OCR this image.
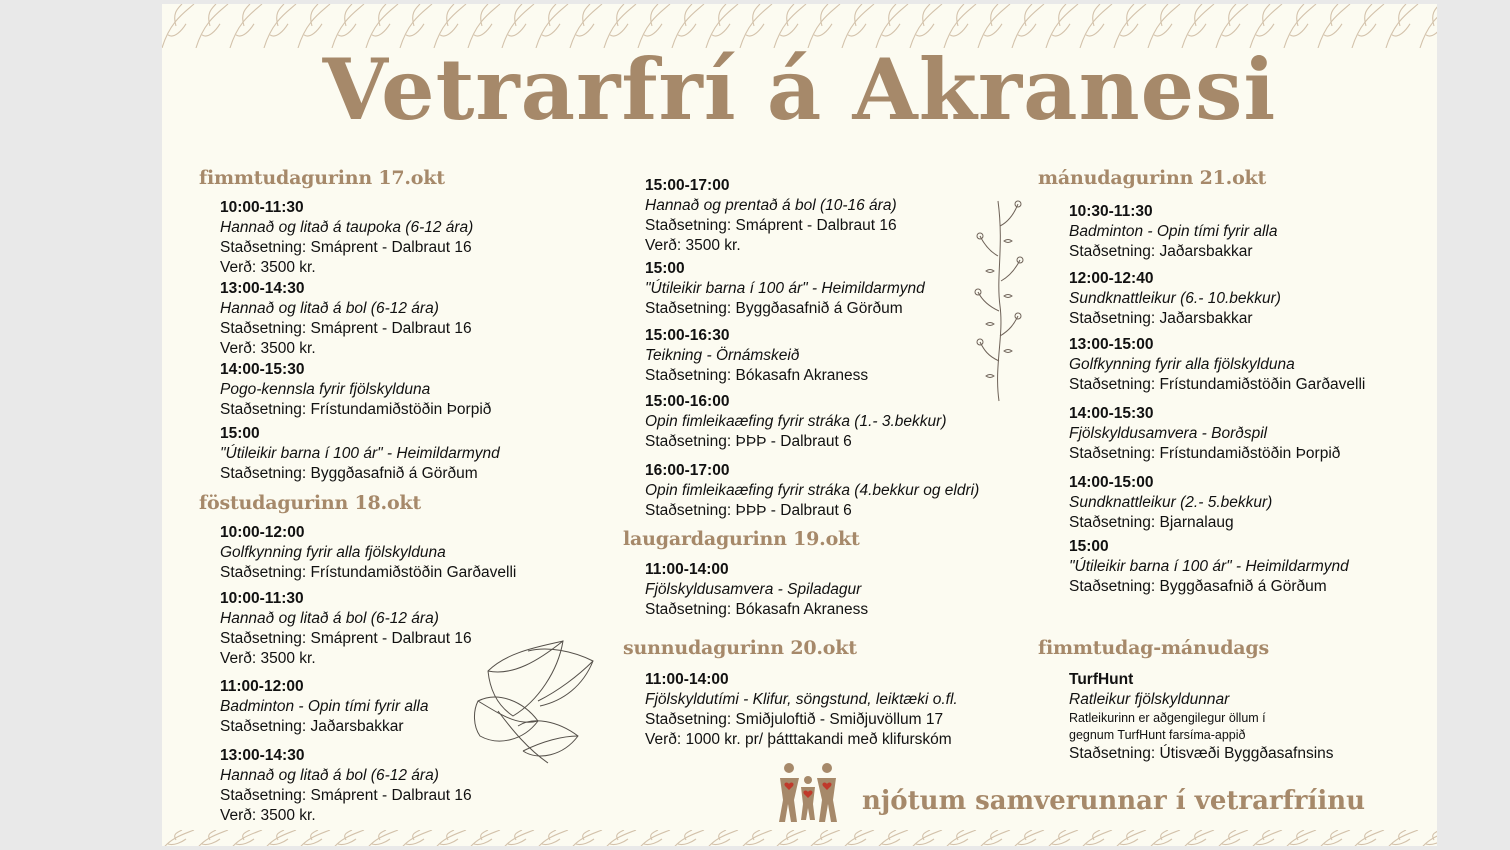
Vetrarfrí á Akranesi
fimmtudagurinn 17.okt
föstudagurinn 18.okt
laugardagurinn 19.okt
sunnudagurinn 20.okt
mánudagurinn 21.okt
fimmtudag-mánudags
10:00-11:30
Hannað og litað á taupoka (6-12 ára)
Staðsetning: Smáprent - Dalbraut 16
Verð: 3500 kr.
13:00-14:30
Hannað og litað á bol (6-12 ára)
Staðsetning: Smáprent - Dalbraut 16
Verð: 3500 kr.
14:00-15:30
Pogo-kennsla fyrir fjölskylduna
Staðsetning: Frístundamiðstöðin Þorpið
15:00
"Útileikir barna í 100 ár" - Heimildarmynd
Staðsetning: Byggðasafnið á Görðum
10:00-12:00
Golfkynning fyrir alla fjölskylduna
Staðsetning: Frístundamiðstöðin Garðavelli
10:00-11:30
Hannað og litað á bol (6-12 ára)
Staðsetning: Smáprent - Dalbraut 16
Verð: 3500 kr.
11:00-12:00
Badminton - Opin tími fyrir alla
Staðsetning: Jaðarsbakkar
13:00-14:30
Hannað og litað á bol (6-12 ára)
Staðsetning: Smáprent - Dalbraut 16
Verð: 3500 kr.
15:00-17:00
Hannað og prentað á bol (10-16 ára)
Staðsetning: Smáprent - Dalbraut 16
Verð: 3500 kr.
15:00
"Útileikir barna í 100 ár" - Heimildarmynd
Staðsetning: Byggðasafnið á Görðum
15:00-16:30
Teikning - Örnámskeið
Staðsetning: Bókasafn Akraness
15:00-16:00
Opin fimleikaæfing fyrir stráka (1.- 3.bekkur)
Staðsetning: ÞÞÞ - Dalbraut 6
16:00-17:00
Opin fimleikaæfing fyrir stráka (4.bekkur og eldri)
Staðsetning: ÞÞÞ - Dalbraut 6
11:00-14:00
Fjölskyldusamvera - Spiladagur
Staðsetning: Bókasafn Akraness
11:00-14:00
Fjölskyldutími - Klifur, söngstund, leiktæki o.fl.
Staðsetning: Smiðjuloftið - Smiðjuvöllum 17
Verð: 1000 kr. pr/ þátttakandi með klifurskóm
10:30-11:30
Badminton - Opin tími fyrir alla
Staðsetning: Jaðarsbakkar
12:00-12:40
Sundknattleikur (6.- 10.bekkur)
Staðsetning: Jaðarsbakkar
13:00-15:00
Golfkynning fyrir alla fjölskylduna
Staðsetning: Frístundamiðstöðin Garðavelli
14:00-15:30
Fjölskyldusamvera - Borðspil
Staðsetning: Frístundamiðstöðin Þorpið
14:00-15:00
Sundknattleikur (2.- 5.bekkur)
Staðsetning: Bjarnalaug
15:00
"Útileikir barna í 100 ár" - Heimildarmynd
Staðsetning: Byggðasafnið á Görðum
TurfHunt
Ratleikur fjölskyldunnar
Ratleikurinn er aðgengilegur öllum í
gegnum TurfHunt farsíma-appið
Staðsetning: Útisvæði Byggðasafnsins
njótum samverunnar í vetrarfríinu
